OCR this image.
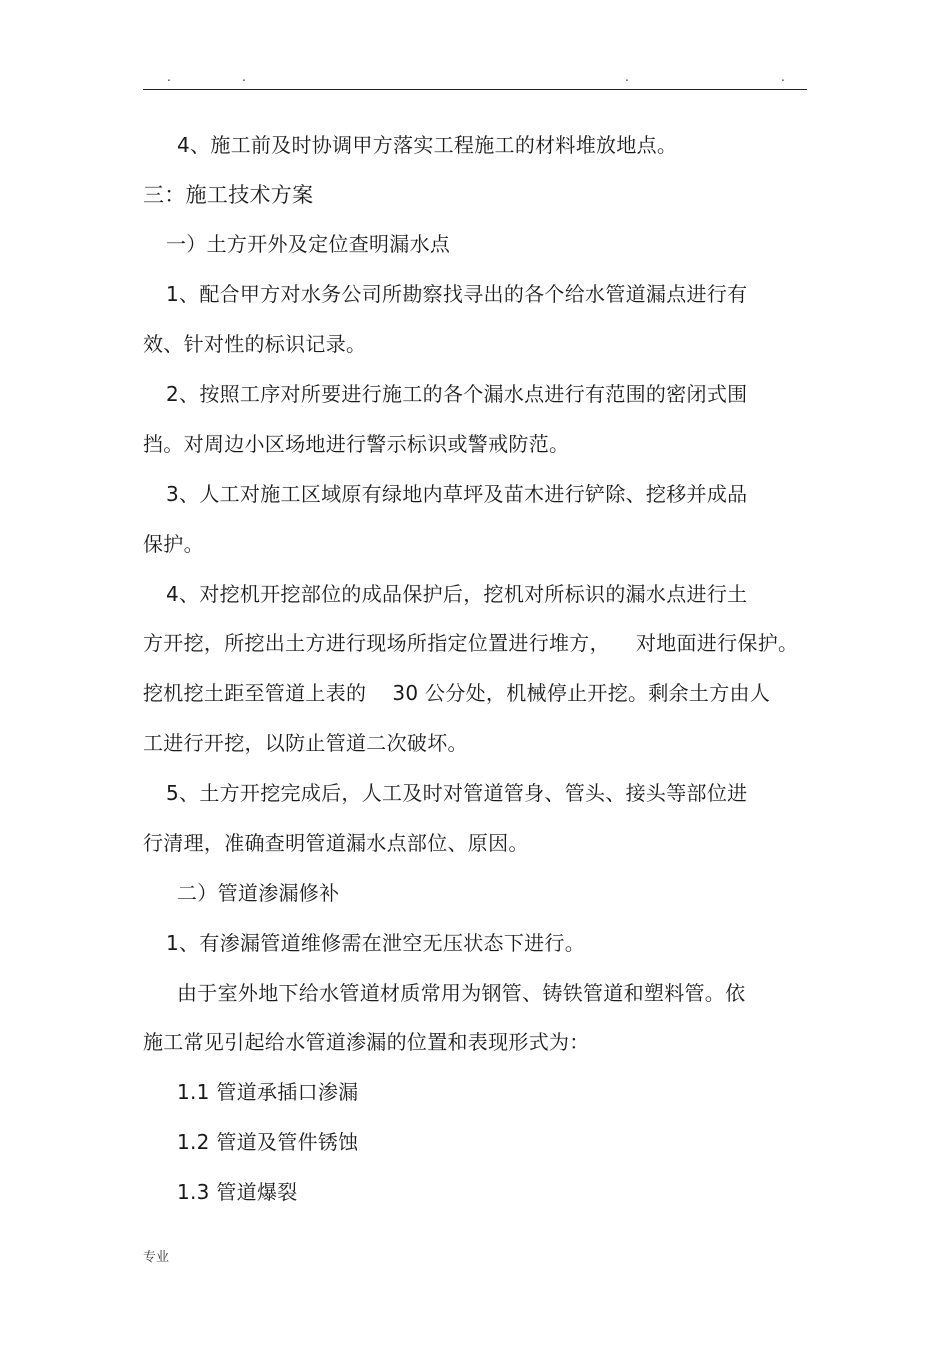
.	.	.	.
4、施工前及时协调甲方落实工程施工的材料堆放地点。
三：施工技术方案
一）土方开外及定位查明漏水点
1、配合甲方对水务公司所勘察找寻出的各个给水管道漏点进行有
效、针对性的标识记录。
2、按照工序对所要进行施工的各个漏水点进行有范围的密闭式围
挡。对周边小区场地进行警示标识或警戒防范。
3、人工对施工区域原有绿地内草坪及苗木进行铲除、挖移并成品
保护。
4、对挖机开挖部位的成品保护后，挖机对所标识的漏水点进行土
方开挖，所挖出土方进行现场所指定位置进行堆方， 对地面进行保护。
挖机挖土距至管道上表的 30 公分处，机械停止开挖。剩余土方由人
工进行开挖，以防止管道二次破坏。
5、土方开挖完成后，人工及时对管道管身、管头、接头等部位进
行清理，准确查明管道漏水点部位、原因。
二）管道渗漏修补
1、有渗漏管道维修需在泄空无压状态下进行。
由于室外地下给水管道材质常用为钢管、铸铁管道和塑料管。依
施工常见引起给水管道渗漏的位置和表现形式为：
1.1 管道承插口渗漏
1.2 管道及管件锈蚀
1.3 管道爆裂
专业
